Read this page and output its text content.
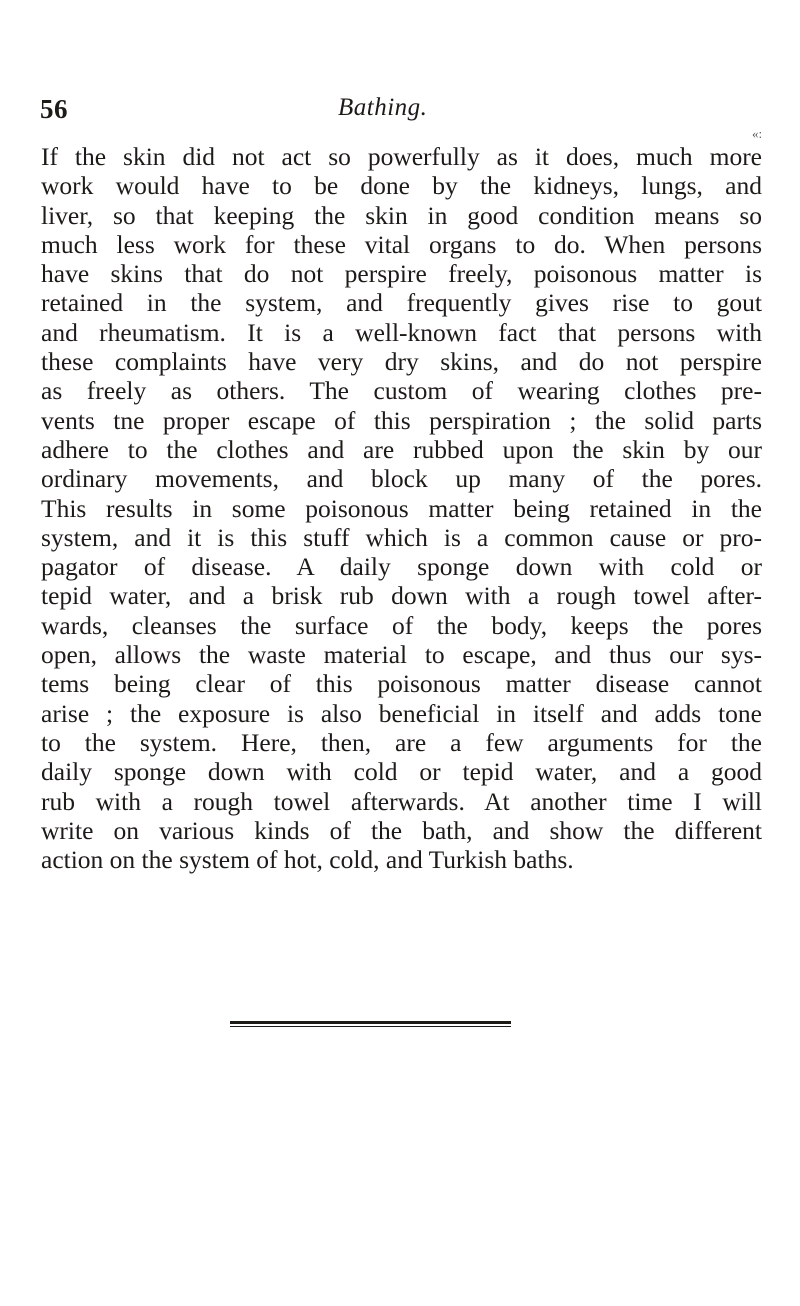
56	Bathing.
«:

If the skin did not act so powerfully as it does, much more
work would have to be done by the kidneys, lungs, and
liver, so that keeping the skin in good condition means so
much less work for these vital organs to do. When persons
have skins that do not perspire freely, poisonous matter is
retained in the system, and frequently gives rise to gout
and rheumatism. It is a well-known fact that persons with
these complaints have very dry skins, and do not perspire
as freely as others. The custom of wearing clothes pre-
vents tne proper escape of this perspiration ; the solid parts
adhere to the clothes and are rubbed upon the skin by our
ordinary movements, and block up many of the pores.
This results in some poisonous matter being retained in the
system, and it is this stuff which is a common cause or pro-
pagator of disease. A daily sponge down with cold or
tepid water, and a brisk rub down with a rough towel after-
wards, cleanses the surface of the body, keeps the pores
open, allows the waste material to escape, and thus our sys-
tems being clear of this poisonous matter disease cannot
arise ; the exposure is also beneficial in itself and adds tone
to the system. Here, then, are a few arguments for the
daily sponge down with cold or tepid water, and a good
rub with a rough towel afterwards. At another time I will
write on various kinds of the bath, and show the different
action on the system of hot, cold, and Turkish baths.
